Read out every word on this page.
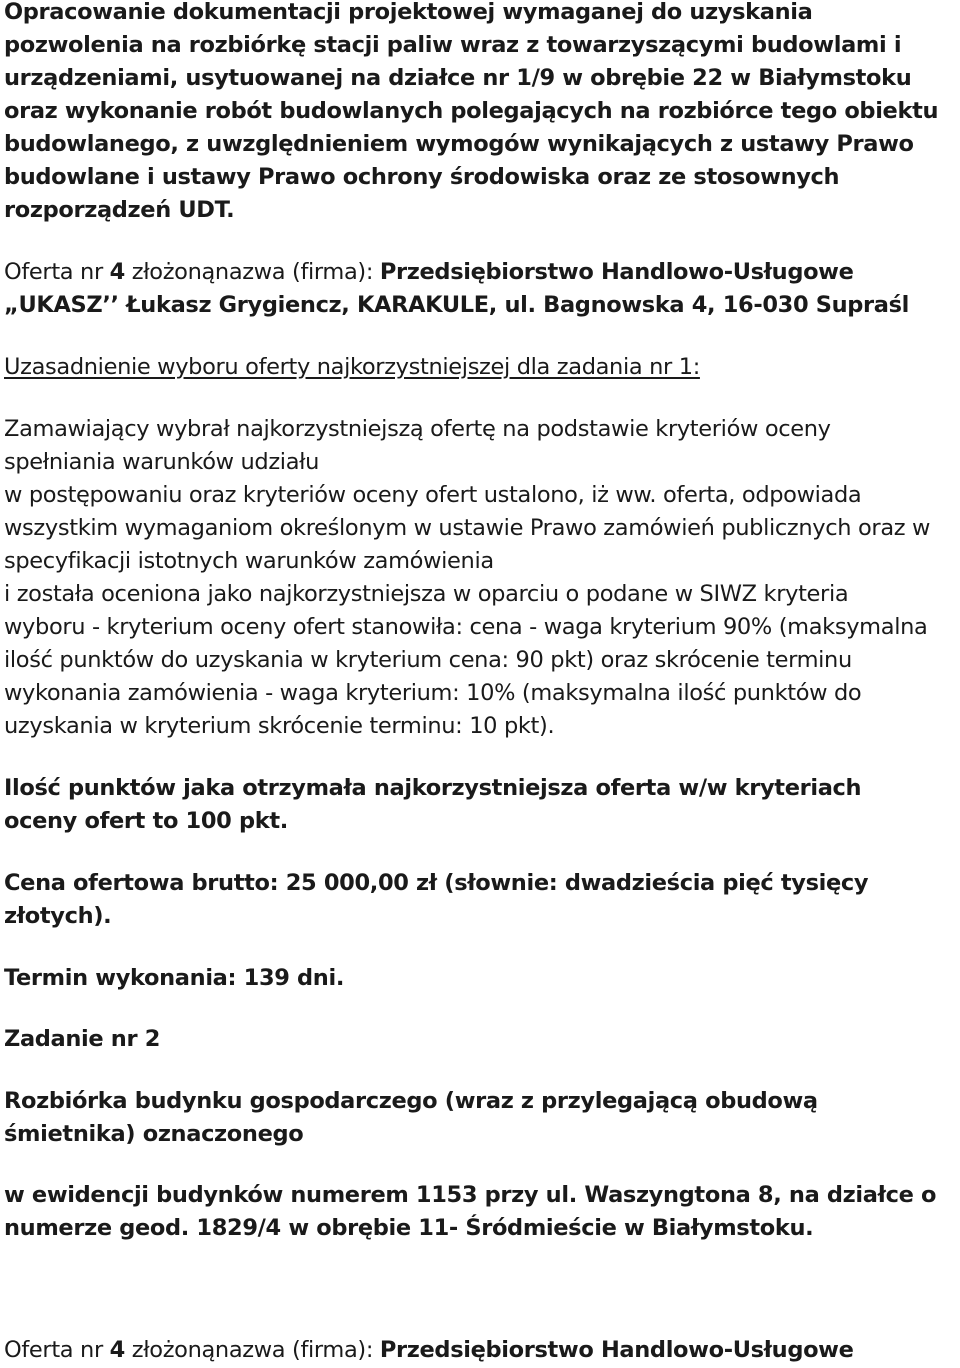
Opracowanie dokumentacji projektowej wymaganej do uzyskania
pozwolenia na rozbiórkę stacji paliw wraz z towarzyszącymi budowlami i
urządzeniami, usytuowanej na działce nr 1/9 w obrębie 22 w Białymstoku
oraz wykonanie robót budowlanych polegających na rozbiórce tego obiektu
budowlanego, z uwzględnieniem wymogów wynikających z ustawy Prawo
budowlane i ustawy Prawo ochrony środowiska oraz ze stosownych
rozporządzeń UDT.
Oferta nr 4 złożonąnazwa (firma): Przedsiębiorstwo Handlowo-Usługowe
„UKASZ’’ Łukasz Grygiencz, KARAKULE, ul. Bagnowska 4, 16-030 Supraśl
Uzasadnienie wyboru oferty najkorzystniejszej dla zadania nr 1:
Zamawiający wybrał najkorzystniejszą ofertę na podstawie kryteriów oceny
spełniania warunków udziału
w postępowaniu oraz kryteriów oceny ofert ustalono, iż ww. oferta, odpowiada
wszystkim wymaganiom określonym w ustawie Prawo zamówień publicznych oraz w
specyfikacji istotnych warunków zamówienia
i została oceniona jako najkorzystniejsza w oparciu o podane w SIWZ kryteria
wyboru - kryterium oceny ofert stanowiła: cena - waga kryterium 90% (maksymalna
ilość punktów do uzyskania w kryterium cena: 90 pkt) oraz skrócenie terminu
wykonania zamówienia - waga kryterium: 10% (maksymalna ilość punktów do
uzyskania w kryterium skrócenie terminu: 10 pkt).
Ilość punktów jaka otrzymała najkorzystniejsza oferta w/w kryteriach
oceny ofert to 100 pkt.
Cena ofertowa brutto: 25 000,00 zł (słownie: dwadzieścia pięć tysięcy
złotych).
Termin wykonania: 139 dni.
Zadanie nr 2
Rozbiórka budynku gospodarczego (wraz z przylegającą obudową
śmietnika) oznaczonego
w ewidencji budynków numerem 1153 przy ul. Waszyngtona 8, na działce o
numerze geod. 1829/4 w obrębie 11- Śródmieście w Białymstoku.
Oferta nr 4 złożonąnazwa (firma): Przedsiębiorstwo Handlowo-Usługowe
